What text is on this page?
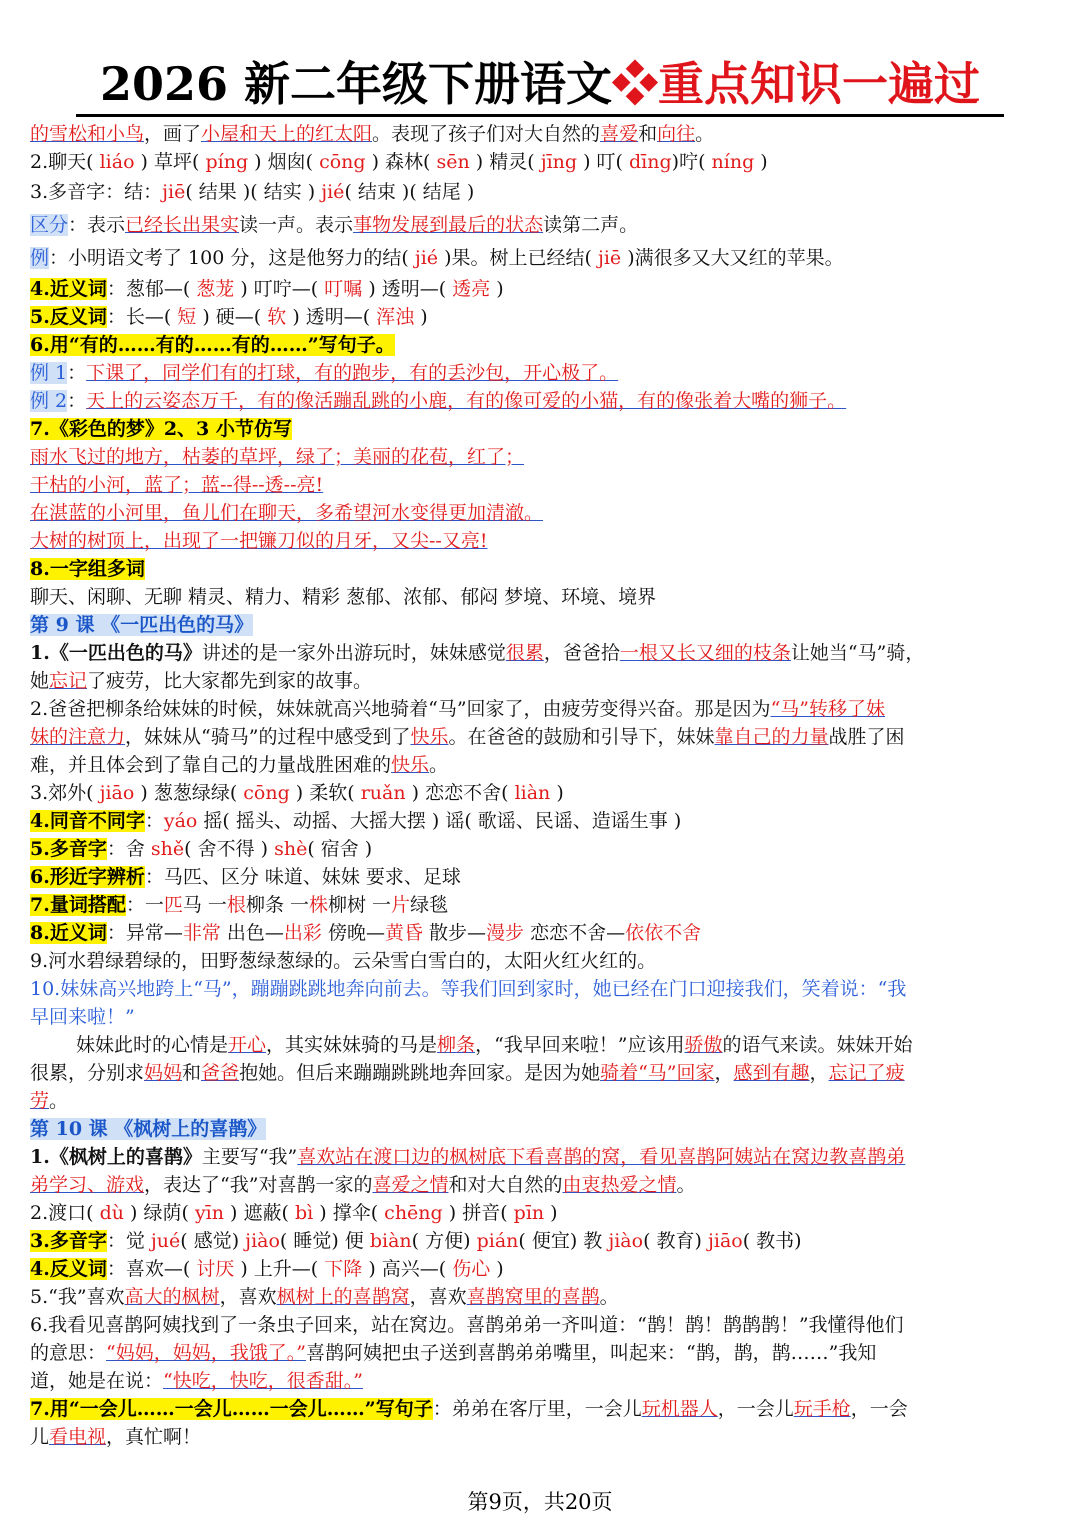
2026 新二年级下册语文❖重点知识一遍过
的雪松和小鸟，画了小屋和天上的红太阳。表现了孩子们对大自然的喜爱和向往。
2.聊天( liáo ) 草坪( píng ) 烟囱( cōng ) 森林( sēn ) 精灵( jīng ) 叮( dīng)咛( níng )
3.多音字：结：jiē( 结果 )( 结实 ) jié( 结束 )( 结尾 )
区分：表示已经长出果实读一声。表示事物发展到最后的状态读第二声。
例：小明语文考了 100 分，这是他努力的结( jié )果。树上已经结( jiē )满很多又大又红的苹果。
4.近义词：葱郁—( 葱茏 ) 叮咛—( 叮嘱 ) 透明—( 透亮 )
5.反义词：长—( 短 ) 硬—( 软 ) 透明—( 浑浊 )
6.用“有的……有的……有的……”写句子。
例 1：下课了，同学们有的打球，有的跑步，有的丢沙包，开心极了。
例 2：天上的云姿态万千，有的像活蹦乱跳的小鹿，有的像可爱的小猫，有的像张着大嘴的狮子。
7.《彩色的梦》2、3 小节仿写
雨水飞过的地方，枯萎的草坪，绿了；美丽的花苞，红了；
干枯的小河，蓝了；蓝--得--透--亮!
在湛蓝的小河里，鱼儿们在聊天，多希望河水变得更加清澈。
大树的树顶上，出现了一把镰刀似的月牙，又尖--又亮!
8.一字组多词
聊天、闲聊、无聊 精灵、精力、精彩 葱郁、浓郁、郁闷 梦境、环境、境界
第 9 课 《一匹出色的马》
1.《一匹出色的马》讲述的是一家外出游玩时，妹妹感觉很累，爸爸拾一根又长又细的枝条让她当“马”骑，
她忘记了疲劳，比大家都先到家的故事。
2.爸爸把柳条给妹妹的时候，妹妹就高兴地骑着“马”回家了，由疲劳变得兴奋。那是因为“马”转移了妹
妹的注意力，妹妹从“骑马”的过程中感受到了快乐。在爸爸的鼓励和引导下，妹妹靠自己的力量战胜了困
难，并且体会到了靠自己的力量战胜困难的快乐。
3.郊外( jiāo ) 葱葱绿绿( cōng ) 柔软( ruǎn ) 恋恋不舍( liàn )
4.同音不同字：yáo 摇( 摇头、动摇、大摇大摆 ) 谣( 歌谣、民谣、造谣生事 )
5.多音字：舍 shě( 舍不得 ) shè( 宿舍 )
6.形近字辨析：马匹、区分 味道、妹妹 要求、足球
7.量词搭配：一匹马 一根柳条 一株柳树 一片绿毯
8.近义词：异常—非常 出色—出彩 傍晚—黄昏 散步—漫步 恋恋不舍—依依不舍
9.河水碧绿碧绿的，田野葱绿葱绿的。云朵雪白雪白的，太阳火红火红的。
10.妹妹高兴地跨上“马”，蹦蹦跳跳地奔向前去。等我们回到家时，她已经在门口迎接我们，笑着说：“我
早回来啦！”
妹妹此时的心情是开心，其实妹妹骑的马是柳条，“我早回来啦！”应该用骄傲的语气来读。妹妹开始
很累，分别求妈妈和爸爸抱她。但后来蹦蹦跳跳地奔回家。是因为她骑着“马”回家，感到有趣，忘记了疲
劳。
第 10 课 《枫树上的喜鹊》
1.《枫树上的喜鹊》主要写“我”喜欢站在渡口边的枫树底下看喜鹊的窝，看见喜鹊阿姨站在窝边教喜鹊弟
弟学习、游戏，表达了“我”对喜鹊一家的喜爱之情和对大自然的由衷热爱之情。
2.渡口( dù ) 绿荫( yīn ) 遮蔽( bì ) 撑伞( chēng ) 拼音( pīn )
3.多音字：觉 jué( 感觉) jiào( 睡觉) 便 biàn( 方便) pián( 便宜) 教 jiào( 教育) jiāo( 教书)
4.反义词：喜欢—( 讨厌 ) 上升—( 下降 ) 高兴—( 伤心 )
5.“我”喜欢高大的枫树，喜欢枫树上的喜鹊窝，喜欢喜鹊窝里的喜鹊。
6.我看见喜鹊阿姨找到了一条虫子回来，站在窝边。喜鹊弟弟一齐叫道：“鹊！鹊！鹊鹊鹊！”我懂得他们
的意思：“妈妈，妈妈，我饿了。”喜鹊阿姨把虫子送到喜鹊弟弟嘴里，叫起来：“鹊，鹊，鹊……”我知
道，她是在说：“快吃，快吃，很香甜。”
7.用“一会儿……一会儿……一会儿……”写句子：弟弟在客厅里，一会儿玩机器人，一会儿玩手枪，一会
儿看电视，真忙啊！
第9页，共20页
